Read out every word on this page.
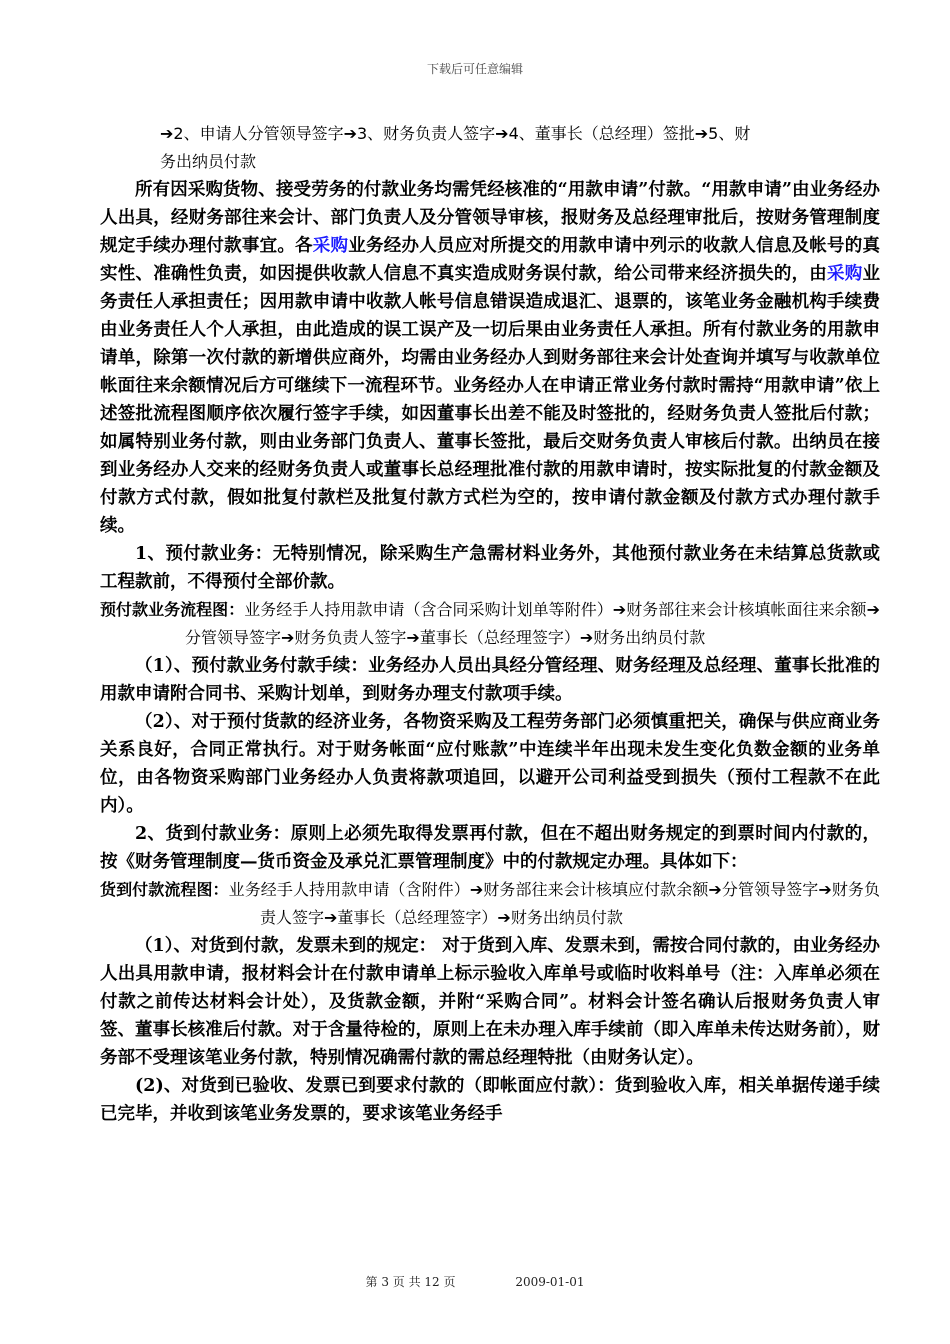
下载后可任意编辑

➔2、申请人分管领导签字➔3、财务负责人签字➔4、董事长（总经理）签批➔5、财
务出纳员付款

所有因采购货物、接受劳务的付款业务均需凭经核准的“用款申请”付款。“用款申请”由业务经办人出具，经财务部往来会计、部门负责人及分管领导审核，报财务及总经理审批后，按财务管理制度规定手续办理付款事宜。各采购业务经办人员应对所提交的用款申请中列示的收款人信息及帐号的真实性、准确性负责，如因提供收款人信息不真实造成财务误付款，给公司带来经济损失的，由采购业务责任人承担责任；因用款申请中收款人帐号信息错误造成退汇、退票的，该笔业务金融机构手续费由业务责任人个人承担，由此造成的误工误产及一切后果由业务责任人承担。所有付款业务的用款申请单，除第一次付款的新增供应商外，均需由业务经办人到财务部往来会计处查询并填写与收款单位帐面往来余额情况后方可继续下一流程环节。业务经办人在申请正常业务付款时需持“用款申请”依上述签批流程图顺序依次履行签字手续，如因董事长出差不能及时签批的，经财务负责人签批后付款；如属特别业务付款，则由业务部门负责人、董事长签批，最后交财务负责人审核后付款。出纳员在接到业务经办人交来的经财务负责人或董事长总经理批准付款的用款申请时，按实际批复的付款金额及付款方式付款，假如批复付款栏及批复付款方式栏为空的，按申请付款金额及付款方式办理付款手续。

1、预付款业务：无特别情况，除采购生产急需材料业务外，其他预付款业务在未结算总货款或工程款前，不得预付全部价款。

预付款业务流程图：业务经手人持用款申请（含合同采购计划单等附件）➔财务部往来会计核填帐面往来余额➔分管领导签字➔财务负责人签字➔董事长（总经理签字）➔财务出纳员付款

（1）、预付款业务付款手续：业务经办人员出具经分管经理、财务经理及总经理、董事长批准的用款申请附合同书、采购计划单，到财务办理支付款项手续。

（2）、对于预付货款的经济业务，各物资采购及工程劳务部门必须慎重把关，确保与供应商业务关系良好，合同正常执行。对于财务帐面“应付账款”中连续半年出现未发生变化负数金额的业务单位，由各物资采购部门业务经办人负责将款项追回，以避开公司利益受到损失（预付工程款不在此内）。

2、货到付款业务：原则上必须先取得发票再付款，但在不超出财务规定的到票时间内付款的，按《财务管理制度—货币资金及承兑汇票管理制度》中的付款规定办理。具体如下：

货到付款流程图：业务经手人持用款申请（含附件）➔财务部往来会计核填应付款余额➔分管领导签字➔财务负责人签字➔董事长（总经理签字）➔财务出纳员付款

（1）、对货到付款，发票未到的规定： 对于货到入库、发票未到，需按合同付款的，由业务经办人出具用款申请，报材料会计在付款申请单上标示验收入库单号或临时收料单号（注：入库单必须在付款之前传达材料会计处），及货款金额，并附“采购合同”。材料会计签名确认后报财务负责人审签、董事长核准后付款。对于含量待检的，原则上在未办理入库手续前（即入库单未传达财务前），财务部不受理该笔业务付款，特别情况确需付款的需总经理特批（由财务认定）。

(2)、对货到已验收、发票已到要求付款的（即帐面应付款）：货到验收入库，相关单据传递手续已完毕，并收到该笔业务发票的，要求该笔业务经手

第 3 页 共 12 页	2009-01-01
